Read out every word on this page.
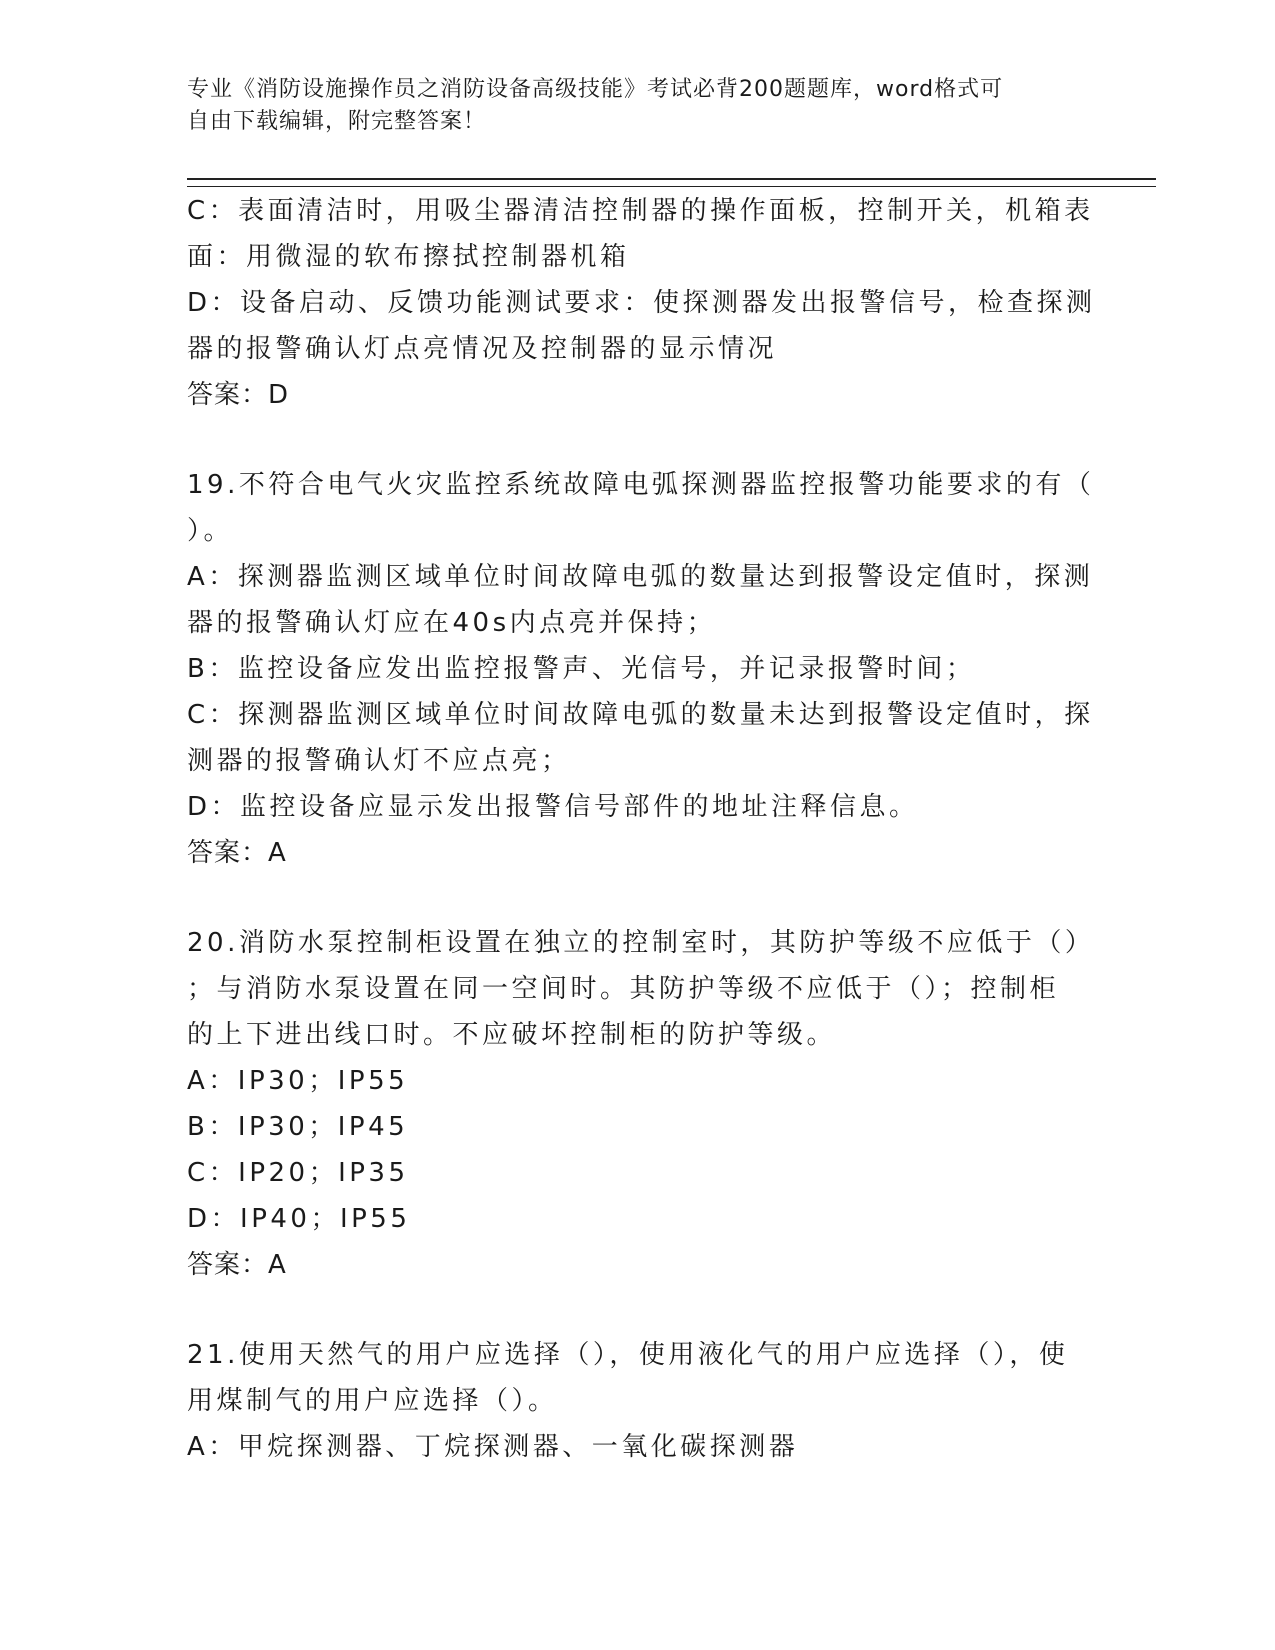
专业《消防设施操作员之消防设备高级技能》考试必背200题题库，word格式可
自由下载编辑，附完整答案！
C：表面清洁时，用吸尘器清洁控制器的操作面板，控制开关，机箱表
面：用微湿的软布擦拭控制器机箱
D：设备启动、反馈功能测试要求：使探测器发出报警信号，检查探测
器的报警确认灯点亮情况及控制器的显示情况
答案：D
19.不符合电气火灾监控系统故障电弧探测器监控报警功能要求的有（
）。
A：探测器监测区域单位时间故障电弧的数量达到报警设定值时，探测
器的报警确认灯应在40s内点亮并保持；
B：监控设备应发出监控报警声、光信号，并记录报警时间；
C：探测器监测区域单位时间故障电弧的数量未达到报警设定值时，探
测器的报警确认灯不应点亮；
D：监控设备应显示发出报警信号部件的地址注释信息。
答案：A
20.消防水泵控制柜设置在独立的控制室时，其防护等级不应低于（）
；与消防水泵设置在同一空间时。其防护等级不应低于（）；控制柜
的上下进出线口时。不应破坏控制柜的防护等级。
A：IP30；IP55
B：IP30；IP45
C：IP20；IP35
D：IP40；IP55
答案：A
21.使用天然气的用户应选择（），使用液化气的用户应选择（），使
用煤制气的用户应选择（）。
A：甲烷探测器、丁烷探测器、一氧化碳探测器
